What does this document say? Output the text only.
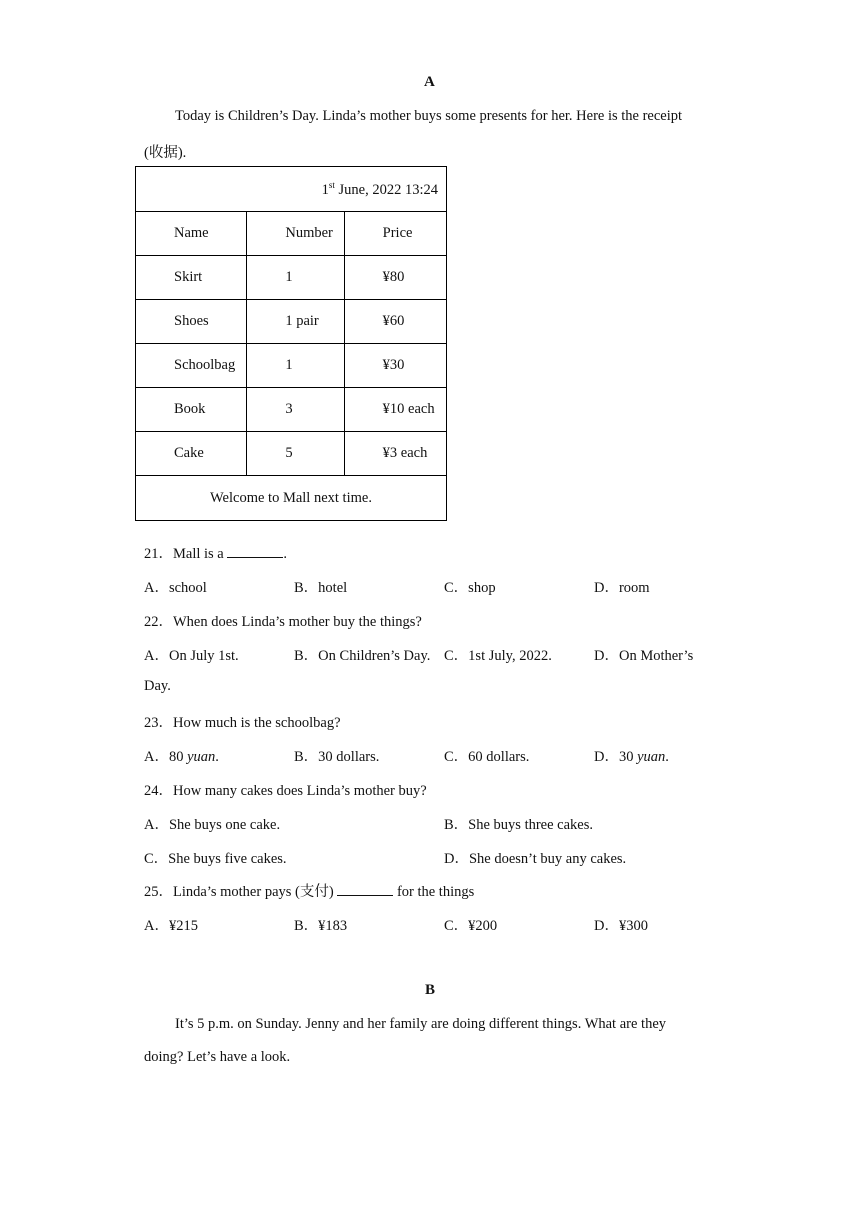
A
Today is Children’s Day. Linda’s mother buys some presents for her. Here is the receipt
(收据).
1st June, 2022 13:24		
Name	Number	Price
Skirt	1	¥80
Shoes	1 pair	¥60
Schoolbag	1	¥30
Book	3	¥10 each
Cake	5	¥3 each
Welcome to Mall next time.		
21．Mall is a	.
A．school	B．hotel	C．shop	D．room
22．When does Linda’s mother buy the things?
A．On July 1st.	B．On Children’s Day. C．1st July, 2022.	D．On Mother’s
Day.
23．How much is the schoolbag?
A．80 yuan.	B．30 dollars.	C．60 dollars.	D．30 yuan.
24．How many cakes does Linda’s mother buy?
A．She buys one cake.	B．She buys three cakes.
C．She buys five cakes.	D．She doesn’t buy any cakes.
25．Linda’s mother pays (支付)	for the things
A．¥215	B．¥183	C．¥200	D．¥300
B
It’s 5 p.m. on Sunday. Jenny and her family are doing different things. What are they
doing? Let’s have a look.
